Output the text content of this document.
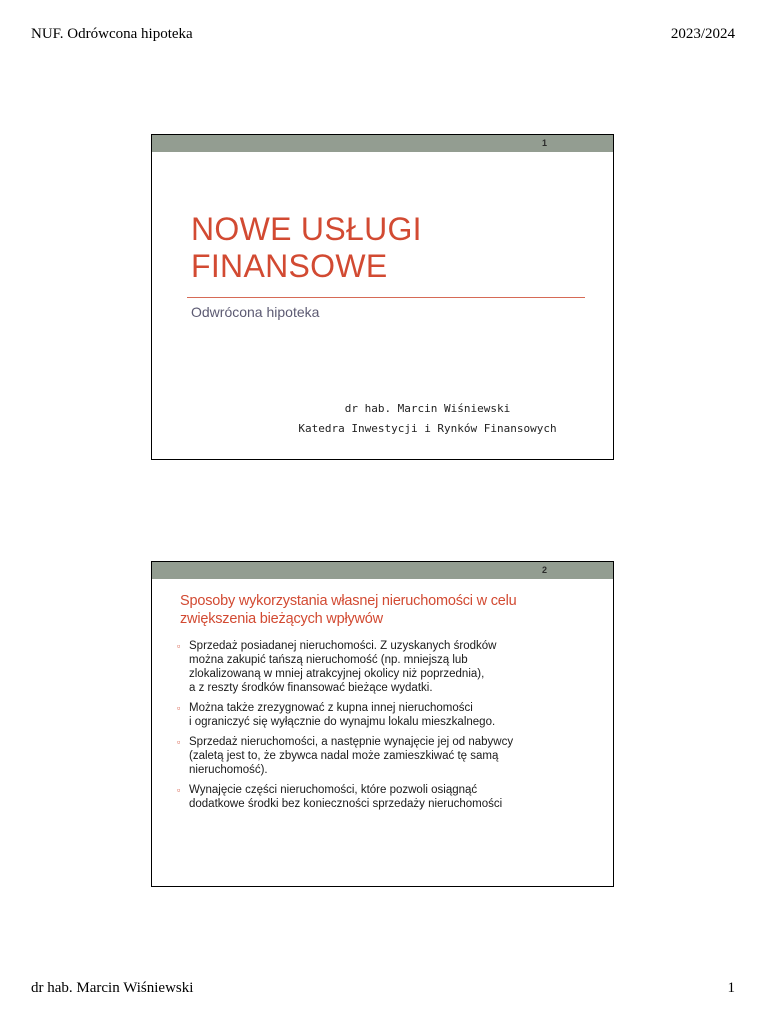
NUF. Odrówcona hipoteka	2023/2024
1
NOWE USŁUGI
FINANSOWE
Odwrócona hipoteka
dr hab. Marcin Wiśniewski
Katedra Inwestycji i Rynków Finansowych
2
Sposoby wykorzystania własnej nieruchomości w celu
zwiększenia bieżących wpływów
▫ Sprzedaż posiadanej nieruchomości. Z uzyskanych środków
można zakupić tańszą nieruchomość (np. mniejszą lub
zlokalizowaną w mniej atrakcyjnej okolicy niż poprzednia),
a z reszty środków finansować bieżące wydatki.
▫ Można także zrezygnować z kupna innej nieruchomości
i ograniczyć się wyłącznie do wynajmu lokalu mieszkalnego.
▫ Sprzedaż nieruchomości, a następnie wynajęcie jej od nabywcy
(zaletą jest to, że zbywca nadal może zamieszkiwać tę samą
nieruchomość).
▫ Wynajęcie części nieruchomości, które pozwoli osiągnąć
dodatkowe środki bez konieczności sprzedaży nieruchomości
dr hab. Marcin Wiśniewski	1
